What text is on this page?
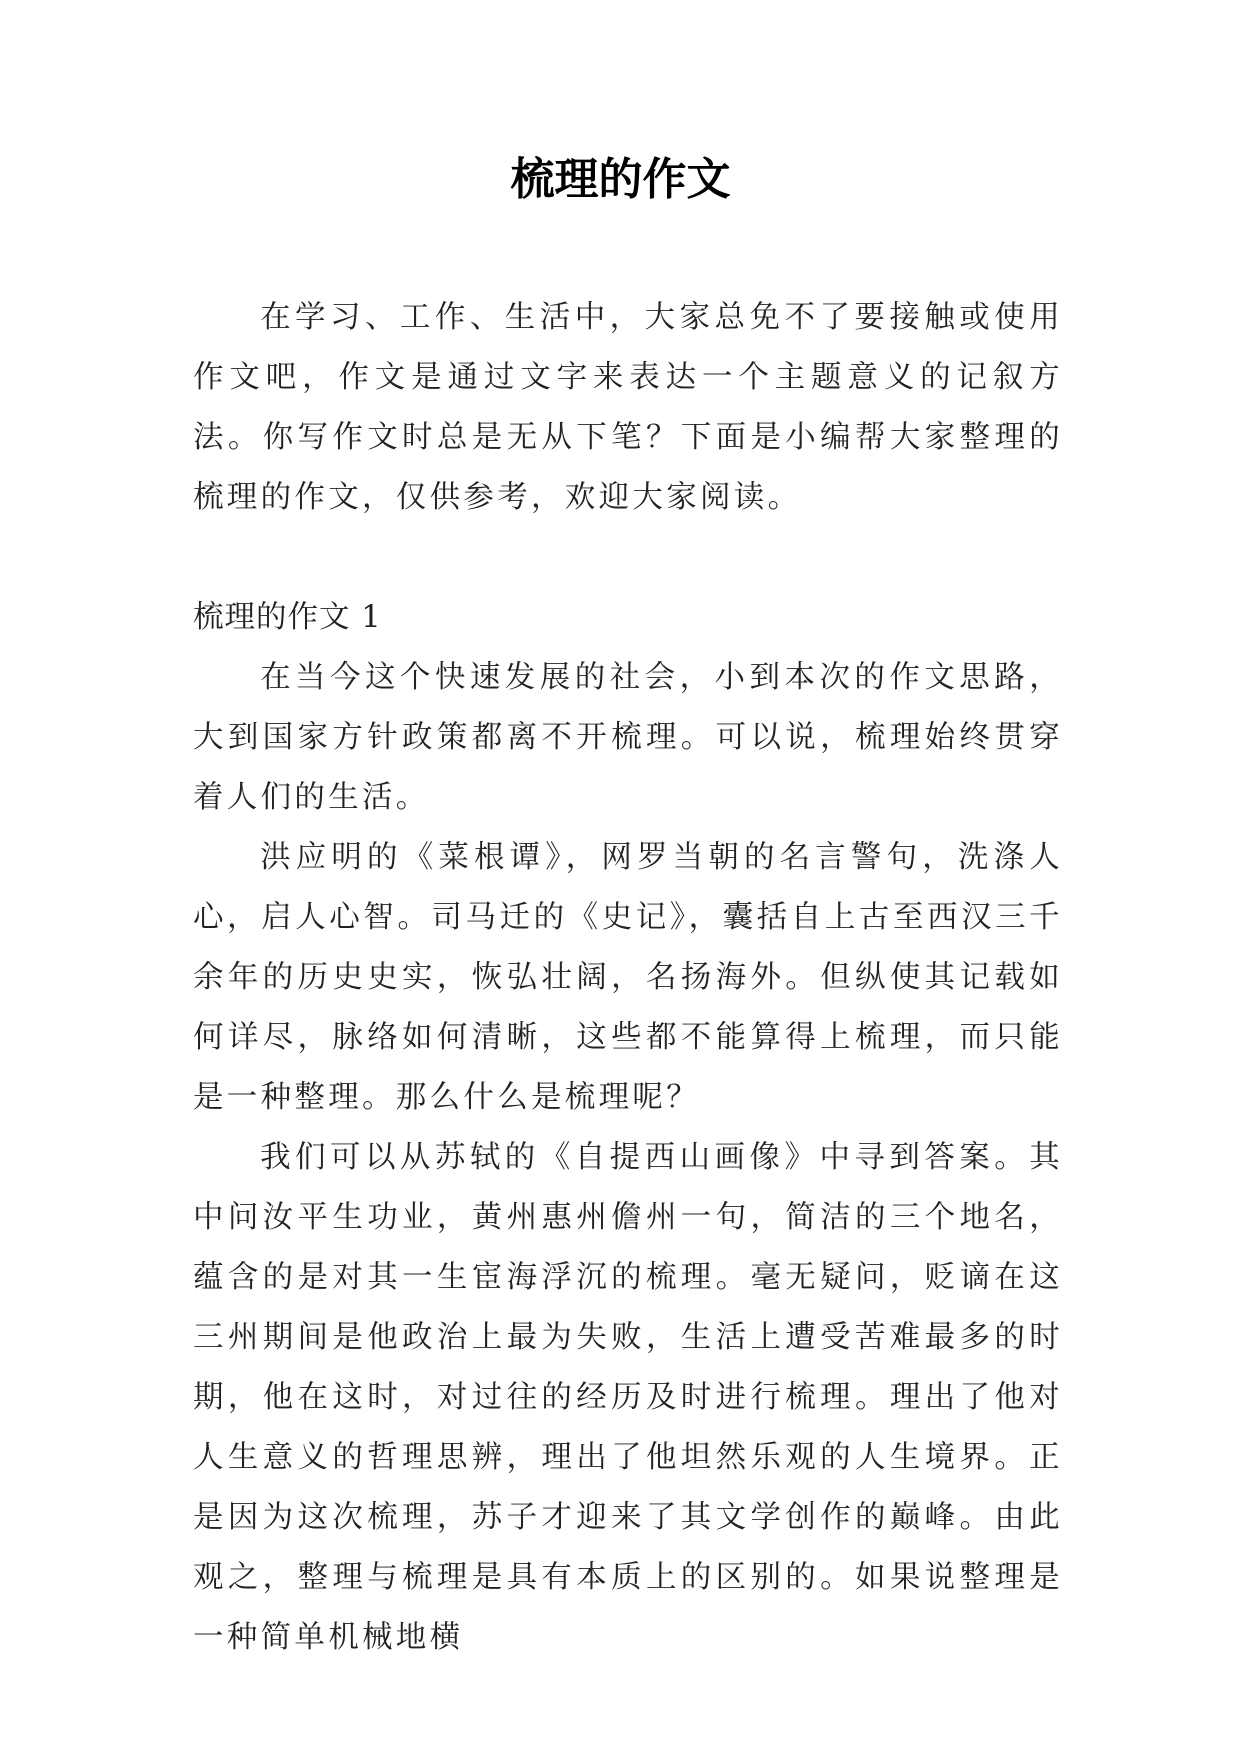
梳理的作文

在学习、工作、生活中，大家总免不了要接触或使用作文吧，作文是通过文字来表达一个主题意义的记叙方法。你写作文时总是无从下笔？下面是小编帮大家整理的梳理的作文，仅供参考，欢迎大家阅读。

梳理的作文 1

在当今这个快速发展的社会，小到本次的作文思路，大到国家方针政策都离不开梳理。可以说，梳理始终贯穿着人们的生活。

洪应明的《菜根谭》，网罗当朝的名言警句，洗涤人心，启人心智。司马迁的《史记》，囊括自上古至西汉三千余年的历史史实，恢弘壮阔，名扬海外。但纵使其记载如何详尽，脉络如何清晰，这些都不能算得上梳理，而只能是一种整理。那么什么是梳理呢？

我们可以从苏轼的《自提西山画像》中寻到答案。其中问汝平生功业，黄州惠州儋州一句，简洁的三个地名，蕴含的是对其一生宦海浮沉的梳理。毫无疑问，贬谪在这三州期间是他政治上最为失败，生活上遭受苦难最多的时期，他在这时，对过往的经历及时进行梳理。理出了他对人生意义的哲理思辨，理出了他坦然乐观的人生境界。正是因为这次梳理，苏子才迎来了其文学创作的巅峰。由此观之，整理与梳理是具有本质上的区别的。如果说整理是一种简单机械地横
